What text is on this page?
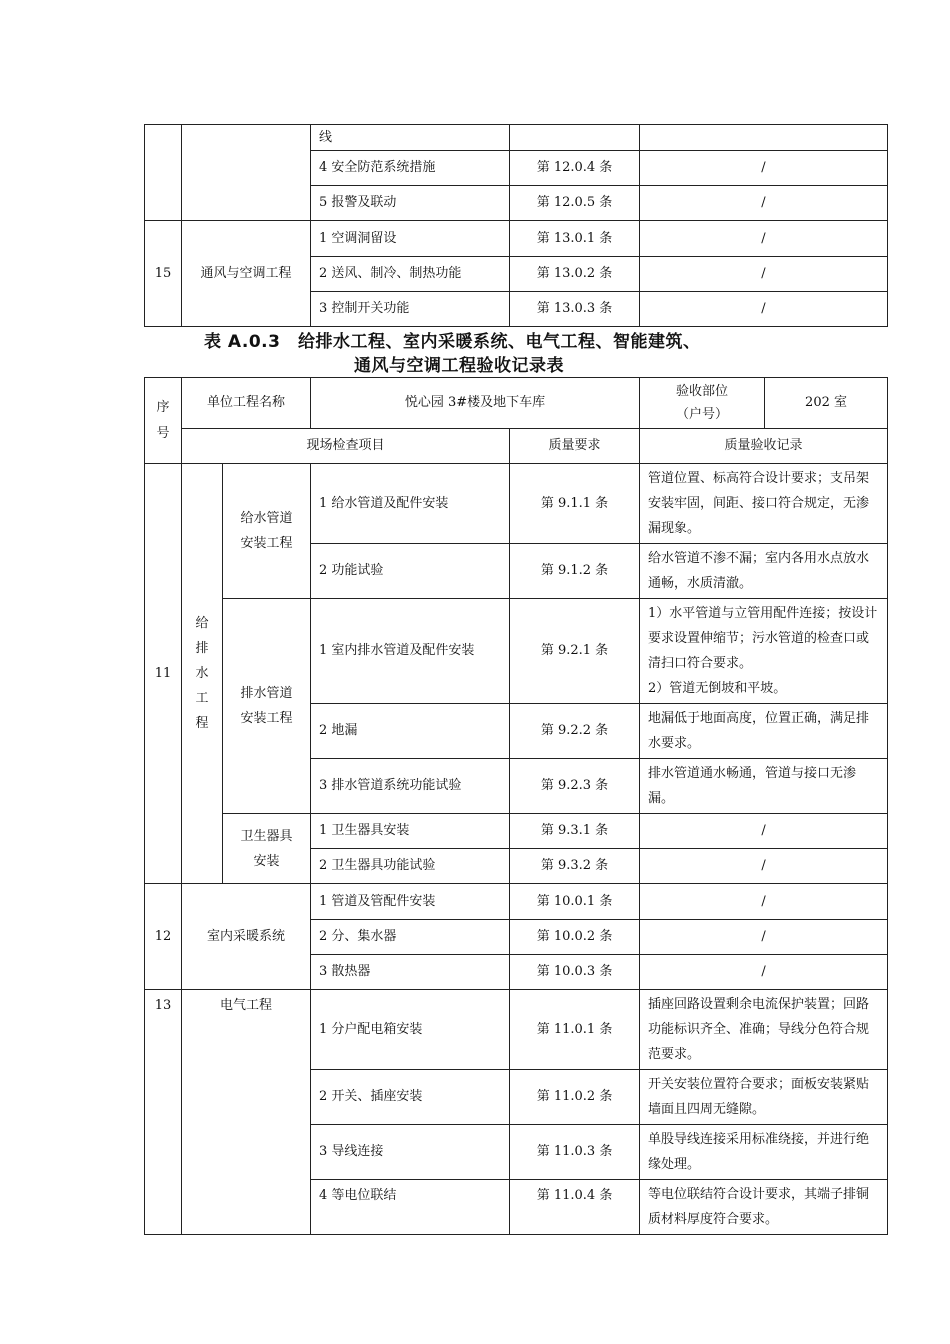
		线		
		4 安全防范系统措施	第 12.0.4 条	/
		5 报警及联动	第 12.0.5 条	/
15	通风与空调工程	1 空调洞留设	第 13.0.1 条	/
		2 送风、制冷、制热功能	第 13.0.2 条	/
		3 控制开关功能	第 13.0.3 条	/
表 A.0.3　给排水工程、室内采暖系统、电气工程、智能建筑、
通风与空调工程验收记录表
序号	单位工程名称		悦心园 3#楼及地下车库		验收部位
（户号）	202 室
	现场检查项目			质量要求	质量验收记录	
11	给排水工程	给水管道安装工程	1 给水管道及配件安装	第 9.1.1 条	管道位置、标高符合设计要求；支吊架安装牢固，间距、接口符合规定，无渗漏现象。	
			2 功能试验	第 9.1.2 条	给水管道不渗不漏；室内各用水点放水通畅，水质清澈。	
		排水管道安装工程	1 室内排水管道及配件安装	第 9.2.1 条	1）水平管道与立管用配件连接；按设计要求设置伸缩节；污水管道的检查口或清扫口符合要求。
2）管道无倒坡和平坡。	
			2 地漏	第 9.2.2 条	地漏低于地面高度，位置正确，满足排水要求。	
			3 排水管道系统功能试验	第 9.2.3 条	排水管道通水畅通，管道与接口无渗漏。	
		卫生器具安装	1 卫生器具安装	第 9.3.1 条	/	
			2 卫生器具功能试验	第 9.3.2 条	/	
12	室内采暖系统		1 管道及管配件安装	第 10.0.1 条	/	
			2 分、集水器	第 10.0.2 条	/	
			3 散热器	第 10.0.3 条	/	
13	电气工程		1 分户配电箱安装	第 11.0.1 条	插座回路设置剩余电流保护装置；回路功能标识齐全、准确；导线分色符合规范要求。	
			2 开关、插座安装	第 11.0.2 条	开关安装位置符合要求；面板安装紧贴墙面且四周无缝隙。	
			3 导线连接	第 11.0.3 条	单股导线连接采用标准绕接，并进行绝缘处理。	
			4 等电位联结	第 11.0.4 条	等电位联结符合设计要求，其端子排铜质材料厚度符合要求。	
